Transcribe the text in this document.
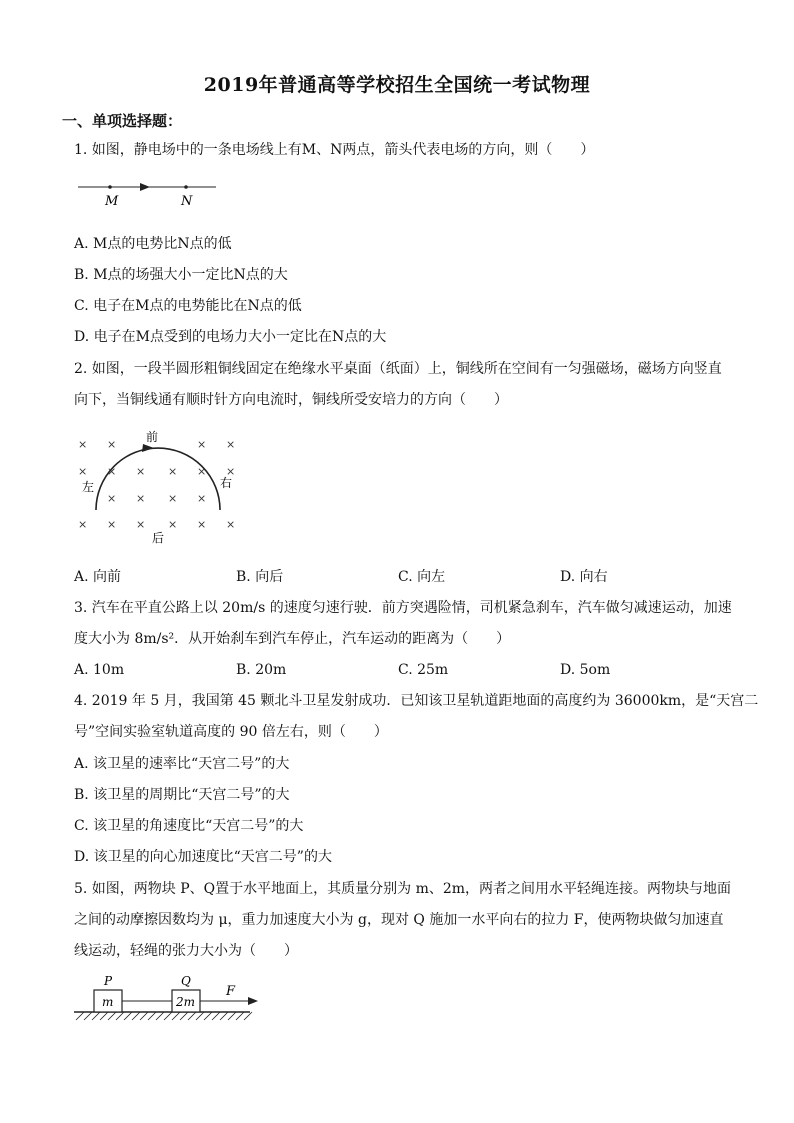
2019年普通高等学校招生全国统一考试物理
一、单项选择题：
1. 如图，静电场中的一条电场线上有M、N两点，箭头代表电场的方向，则（　　）
M	N
A. M点的电势比N点的低
B. M点的场强大小一定比N点的大
C. 电子在M点的电势能比在N点的低
D. 电子在M点受到的电场力大小一定比在N点的大
2. 如图，一段半圆形粗铜线固定在绝缘水平桌面（纸面）上，铜线所在空间有一匀强磁场，磁场方向竖直
向下，当铜线通有顺时针方向电流时，铜线所受安培力的方向（　　）
× ×	× ×
× × × × × ×
× × × ×
× × × × × ×
前
左	右
后
A. 向前	B. 向后	C. 向左	D. 向右
3. 汽车在平直公路上以 20m/s 的速度匀速行驶．前方突遇险情，司机紧急刹车，汽车做匀减速运动，加速
度大小为 8m/s²．从开始刹车到汽车停止，汽车运动的距离为（　　）
A. 10m	B. 20m	C. 25m	D. 5om
4. 2019 年 5 月，我国第 45 颗北斗卫星发射成功．已知该卫星轨道距地面的高度约为 36000km，是“天宫二
号”空间实验室轨道高度的 90 倍左右，则（　　）
A. 该卫星的速率比“天宫二号”的大
B. 该卫星的周期比“天宫二号”的大
C. 该卫星的角速度比“天宫二号”的大
D. 该卫星的向心加速度比“天宫二号”的大
5. 如图，两物块 P、Q置于水平地面上，其质量分别为 m、2m，两者之间用水平轻绳连接。两物块与地面
之间的动摩擦因数均为 μ，重力加速度大小为 g，现对 Q 施加一水平向右的拉力 F，使两物块做匀加速直
线运动，轻绳的张力大小为（　　）
P	Q
m	2m
F
